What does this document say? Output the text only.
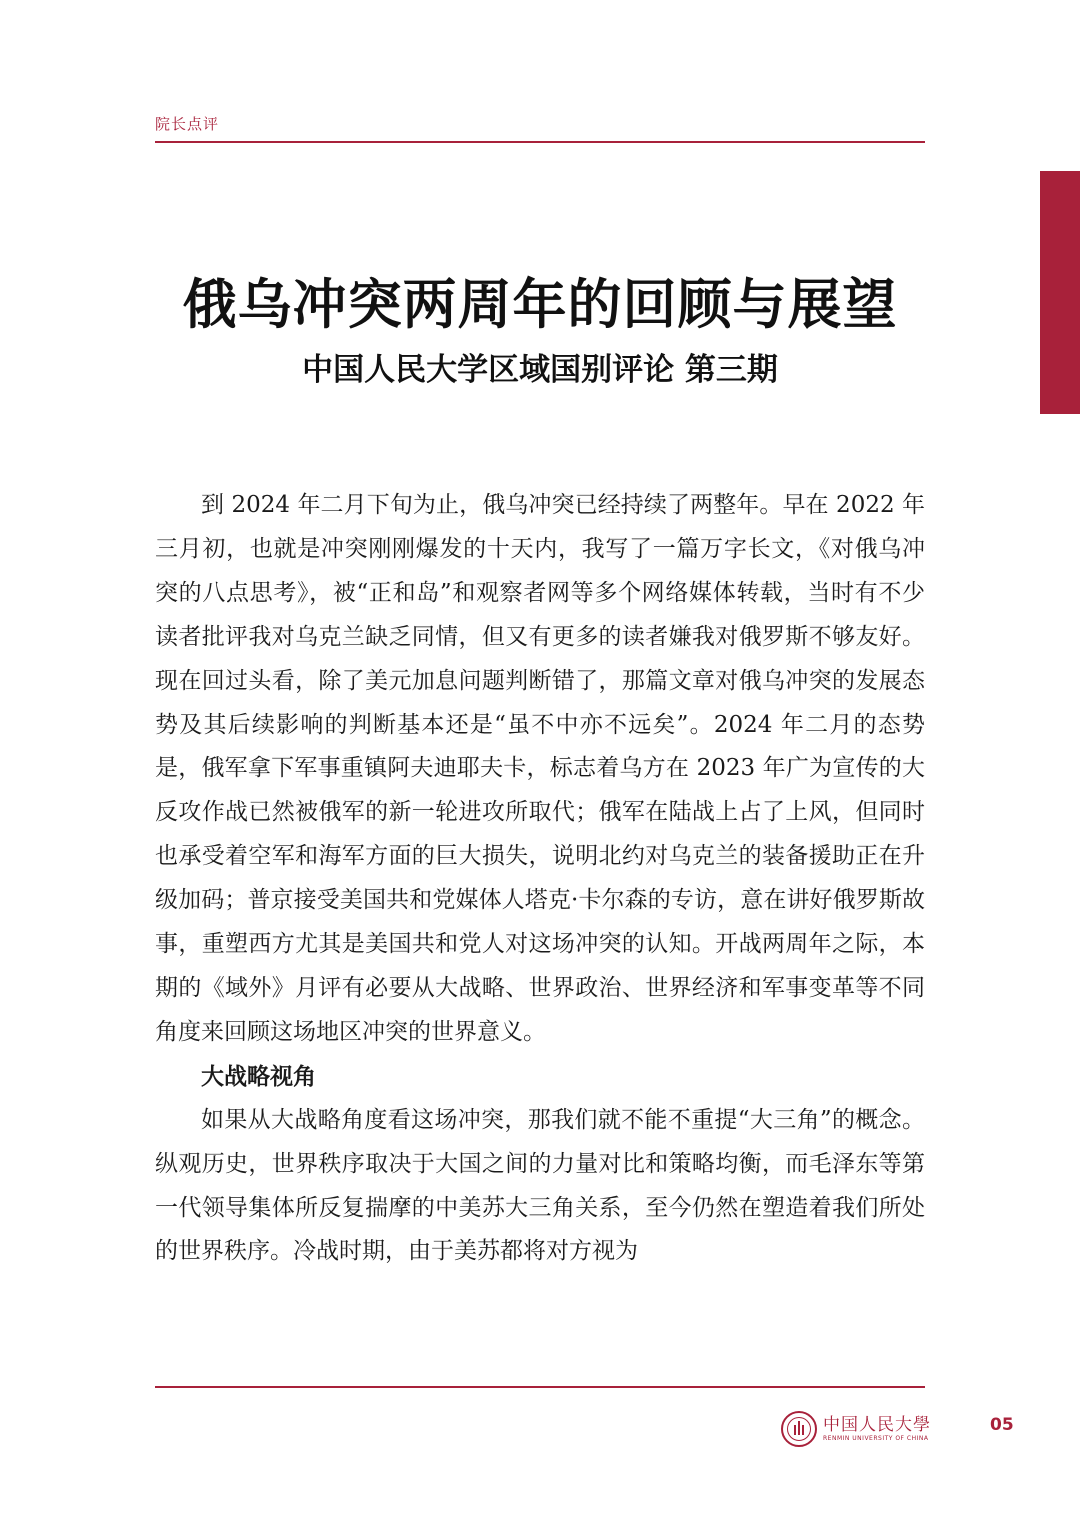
院长点评
俄乌冲突两周年的回顾与展望
中国人民大学区域国别评论 第三期

到 2024 年二月下旬为止，俄乌冲突已经持续了两整年。早在 2022 年三月初，也就是冲突刚刚爆发的十天内，我写了一篇万字长文，《对俄乌冲突的八点思考》，被“正和岛”和观察者网等多个网络媒体转载，当时有不少读者批评我对乌克兰缺乏同情，但又有更多的读者嫌我对俄罗斯不够友好。现在回过头看，除了美元加息问题判断错了，那篇文章对俄乌冲突的发展态势及其后续影响的判断基本还是“虽不中亦不远矣”。2024 年二月的态势是，俄军拿下军事重镇阿夫迪耶夫卡，标志着乌方在 2023 年广为宣传的大反攻作战已然被俄军的新一轮进攻所取代；俄军在陆战上占了上风，但同时也承受着空军和海军方面的巨大损失，说明北约对乌克兰的装备援助正在升级加码；普京接受美国共和党媒体人塔克·卡尔森的专访，意在讲好俄罗斯故事，重塑西方尤其是美国共和党人对这场冲突的认知。开战两周年之际，本期的《域外》月评有必要从大战略、世界政治、世界经济和军事变革等不同角度来回顾这场地区冲突的世界意义。

大战略视角

如果从大战略角度看这场冲突，那我们就不能不重提“大三角”的概念。纵观历史，世界秩序取决于大国之间的力量对比和策略均衡，而毛泽东等第一代领导集体所反复揣摩的中美苏大三角关系，至今仍然在塑造着我们所处的世界秩序。冷战时期，由于美苏都将对方视为

中国人民大學
RENMIN UNIVERSITY OF CHINA
05
